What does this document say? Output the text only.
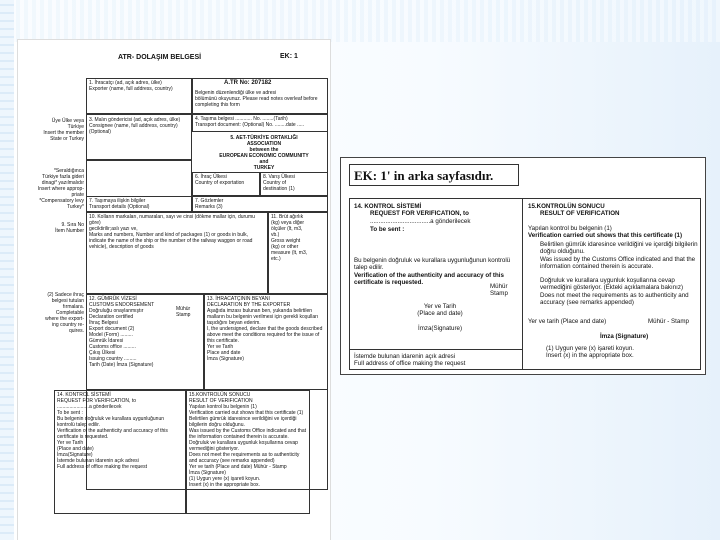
ATR- DOLAŞIM BELGESİ	EK: 1
1. İhracatçı (ad, açık adres, ülke)
Exporter (name, full address, country)
A.TR No: 207182
Belgenin düzenlendiği ülke ve adresi
bölümünü okuyunuz. Please read notes overleaf before completing this form
3. Malın göndericisi (ad, açık adres, ülke)
Consignee (name, full address, country)
(Optional)
4. Taşıma belgesi ............ No. ........(Tarih)
Transport document: (Optional) No. ........date .....
5. AET-TÜRKİYE ORTAKLIĞI
ASSOCIATION
between the
EUROPEAN ECONOMIC COMMUNITY
and
TURKEY
Üye Ülke veya
Türkiye
Insert the member
State or Turkey
*Seraldığınca
Türkiye fazla gideri
dinagi* yazılmalıdır
Insert where approp-
priate
*Compensatory levy
Turkey*
6. İhraç Ülkesi
Country of exportation
8. Varış Ülkesi
Country of
destination (1)
7. Taşımaya ilişkin bilgiler
Transport details (Optional)
7. Gözlemler
Remarks (3)
9. Sıra No
İtem Number
10. Kolların markaları, numaraları, sayı ve cinsi (dökme mallar için, durumu göre)
geciktirilir;aslı yazı ve,
Marks and numbers, Number and kind of packages (1) or goods in bulk, indicate the name of the ship or the number of the railway waggon or road vehicle), description of goods
11. Brüt ağırlık
(kg) veya diğer
ölçüler (lt, m3,
vb.)
Gross weight
(kg) or other
measure (lt, m3,
etc.)
(2) Sadece ihraç
belgesi tutulan
fırmalara.
Completable
where the export-
ing country re-
quires.
12. GÜMRÜK VİZESİ
CUSTOMS ENDORSEMENT
Doğruluğu onaylanmıştır
Declaration certified
İhraç Belgesi
Export document (2)
Model (Form) .........
Gümrük İdaresi
Customs office .........
Çıkış Ülkesi
Issuing country .........
Tarih (Date) İmza (Signature)
Mühür
Stamp
13. İHRACATÇININ BEYANI
DECLARATION BY THE EXPORTER
Aşağıda imzası bulunan ben, yukarıda belirtilen malların bu belgenin verilmesi için gerekli koşulları taşıdığını beyan ederim.
I, the undersigned, declare that the goods described above meet the conditions required for the issue of this certificate.
Yer ve Tarih
Place and date
İmza (Signature)
14. KONTROL SİSTEMİ
REQUEST FOR VERIFICATION, to
.......................a gönderilecek
To be sent :
Bu belgenin doğruluk ve kurallara uygunluğunun kontrolü talep edilir.
Verification of the authenticity and accuracy of this certificate is requested.
Yer ve Tarih
(Place and date)
İmza(Signature)
İstemde bulunan idarenin açık adresi
Full address of office making the request
15.KONTROLÜN SONUCU
RESULT OF VERIFICATION
Yapılan kontrol bu belgenin (1)
Verification carried out shows that this certificate (1)
Belirtilen gümrük idaresince verildiğini ve içerdiği bilgilerin doğru olduğunu.
Was issued by the Customs Office indicated and that the information contained therein is accurate.
Doğruluk ve kurallara uygunluk koşullarına cevap vermediğini gösteriyor.
Does not meet the requirements as to authenticity and accuracy (see remarks appended)
Yer ve tarih (Place and date) Mühür - Stamp
İmza (Signature)
(1) Uygun yere (x) işareti koyun.
Insert (x) in the appropriate box.
EK: 1' in arka sayfasıdır.
14. KONTROL SİSTEMİ
REQUEST FOR VERIFICATION, to
...................................a gönderilecek
To be sent :
Bu belgenin doğruluk ve kurallara uygunluğunun kontrolü talep edilir.
Verification of the authenticity and accuracy of this certificate is requested.
Mühür
Stamp
Yer ve Tarih
(Place and date)
İmza(Signature)
İstemde bulunan idarenin açık adresi
Full address of office making the request
15.KONTROLÜN SONUCU
RESULT OF VERIFICATION
Yapılan kontrol bu belgenin (1)
Verification carried out shows that this certificate (1)
Belirtilen gümrük idaresince verildiğini ve içerdiği bilgilerin doğru olduğunu.
Was issued by the Customs Office indicated and that the information contained therein is accurate.
Doğruluk ve kurallara uygunluk koşullarına cevap vermediğini gösteriyor. (Ekteki açıklamalara bakınız)
Does not meet the requirements as to authenticity and accuracy (see remarks appended)
Yer ve tarih (Place and date)	Mühür - Stamp
İmza (Signature)
(1) Uygun yere (x) işareti koyun.
Insert (x) in the appropriate box.
